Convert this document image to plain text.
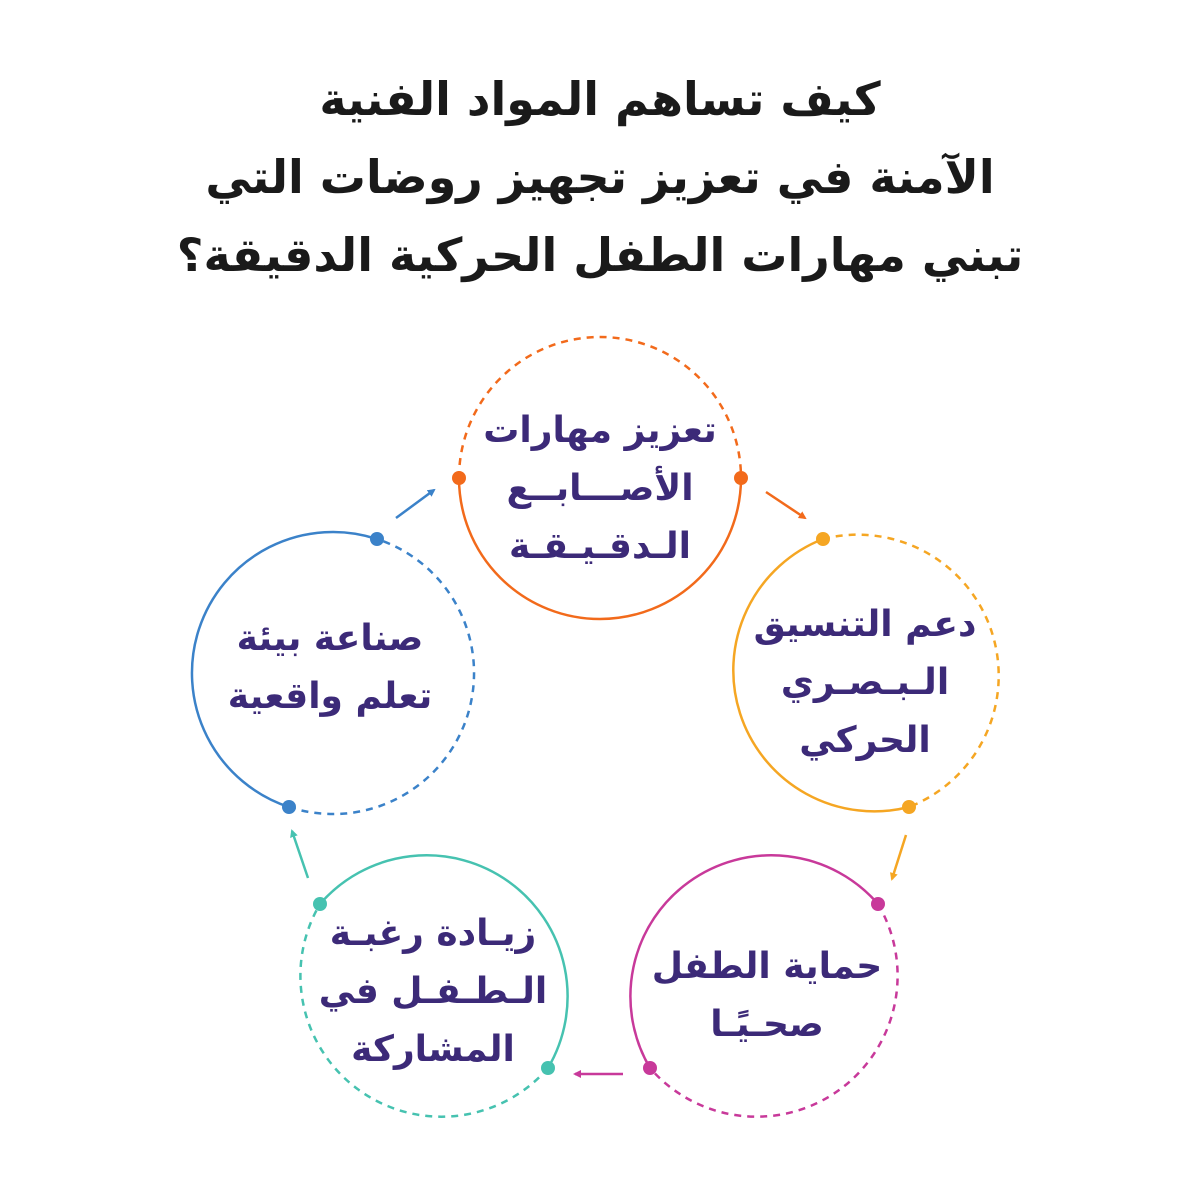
كيف تساهم المواد الفنية
الآمنة في تعزيز تجهيز روضات التي
تبني مهارات الطفل الحركية الدقيقة؟
تعزيز مهارات
الأصـــابــع
الـدقـيـقـة
دعم التنسيق
الـبـصـري
الحركي
حماية الطفل
صحـيًـا
زيـادة رغبـة
الـطـفـل في
المشاركة
صناعة بيئة
تعلم واقعية
